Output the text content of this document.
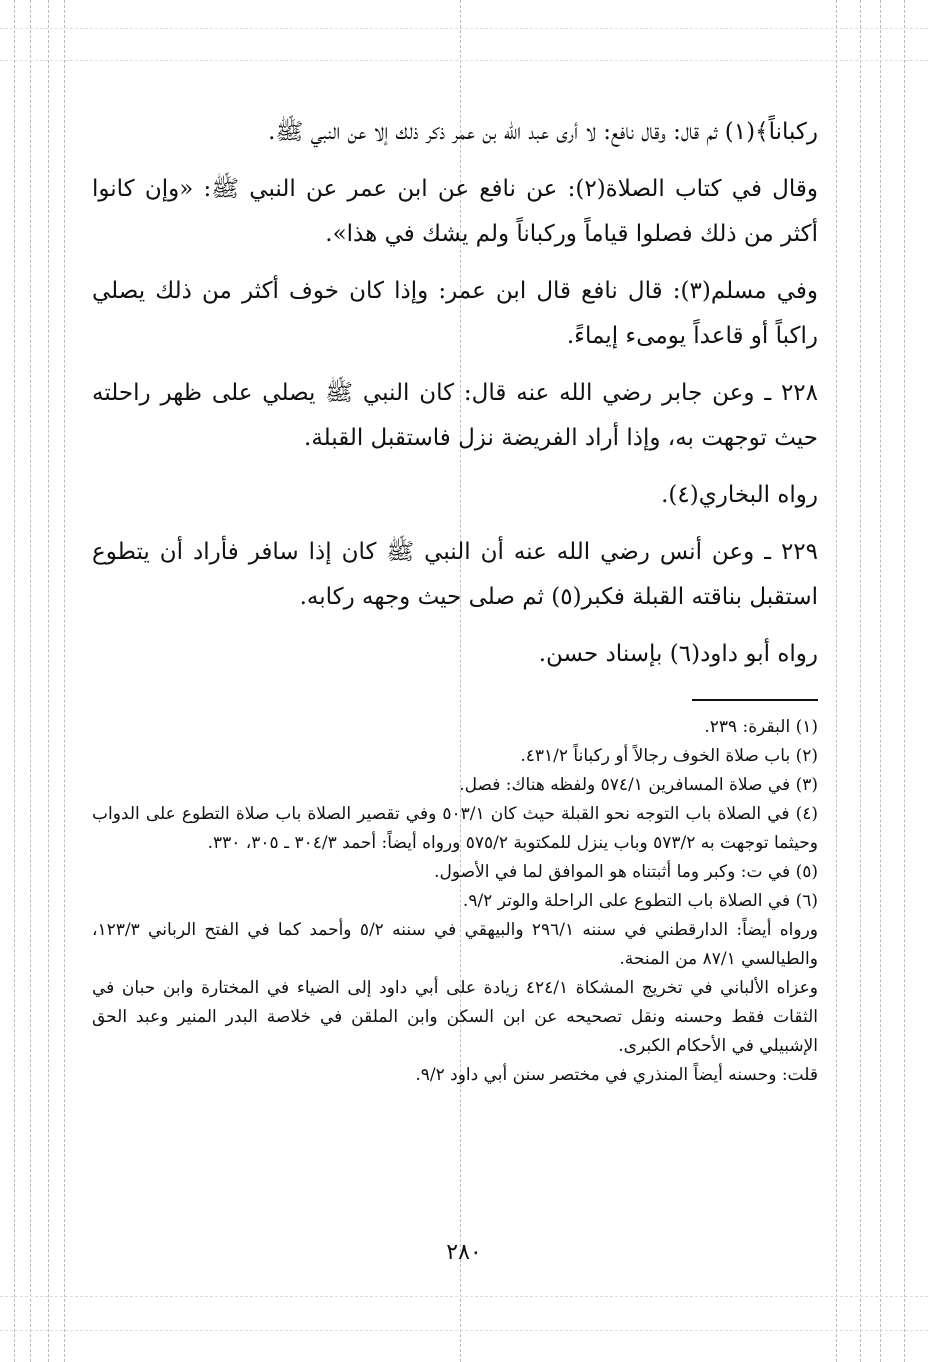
ركباناً﴾(١) ثم قال: وقال نافع: لا أرى عبد الله بن عمر ذكر ذلك إلا عن النبي ﷺ.

وقال في كتاب الصلاة(٢): عن نافع عن ابن عمر عن النبي ﷺ: «وإن كانوا أكثر من ذلك فصلوا قياماً وركباناً ولم يشك في هذا».

وفي مسلم(٣): قال نافع قال ابن عمر: وإذا كان خوف أكثر من ذلك يصلي راكباً أو قاعداً يومىء إيماءً.

٢٢٨ ـ وعن جابر رضي الله عنه قال: كان النبي ﷺ يصلي على ظهر راحلته حيث توجهت به، وإذا أراد الفريضة نزل فاستقبل القبلة.

رواه البخاري(٤).

٢٢٩ ـ وعن أنس رضي الله عنه أن النبي ﷺ كان إذا سافر فأراد أن يتطوع استقبل بناقته القبلة فكبر(٥) ثم صلى حيث وجهه ركابه.

رواه أبو داود(٦) بإسناد حسن.

(١) البقرة: ٢٣٩.

(٢) باب صلاة الخوف رجالاً أو ركباناً ٤٣١/٢.

(٣) في صلاة المسافرين ٥٧٤/١ ولفظه هناك: فصل.

(٤) في الصلاة باب التوجه نحو القبلة حيث كان ٥٠٣/١ وفي تقصير الصلاة باب صلاة التطوع على الدواب وحيثما توجهت به ٥٧٣/٢ وباب ينزل للمكتوبة ٥٧٥/٢ ورواه أيضاً: أحمد ٣٠٤/٣ ـ ٣٠٥، ٣٣٠.

(٥) في ت: وكبر وما أثبتناه هو الموافق لما في الأصول.

(٦) في الصلاة باب التطوع على الراحلة والوتر ٩/٢.

ورواه أيضاً: الدارقطني في سننه ٢٩٦/١ والبيهقي في سننه ٥/٢ وأحمد كما في الفتح الرباني ١٢٣/٣، والطيالسي ٨٧/١ من المنحة.

وعزاه الألباني في تخريج المشكاة ٤٢٤/١ زيادة على أبي داود إلى الضياء في المختارة وابن حبان في الثقات فقط وحسنه ونقل تصحيحه عن ابن السكن وابن الملقن في خلاصة البدر المنير وعبد الحق الإشبيلي في الأحكام الكبرى.

قلت: وحسنه أيضاً المنذري في مختصر سنن أبي داود ٩/٢.

٢٨٠
